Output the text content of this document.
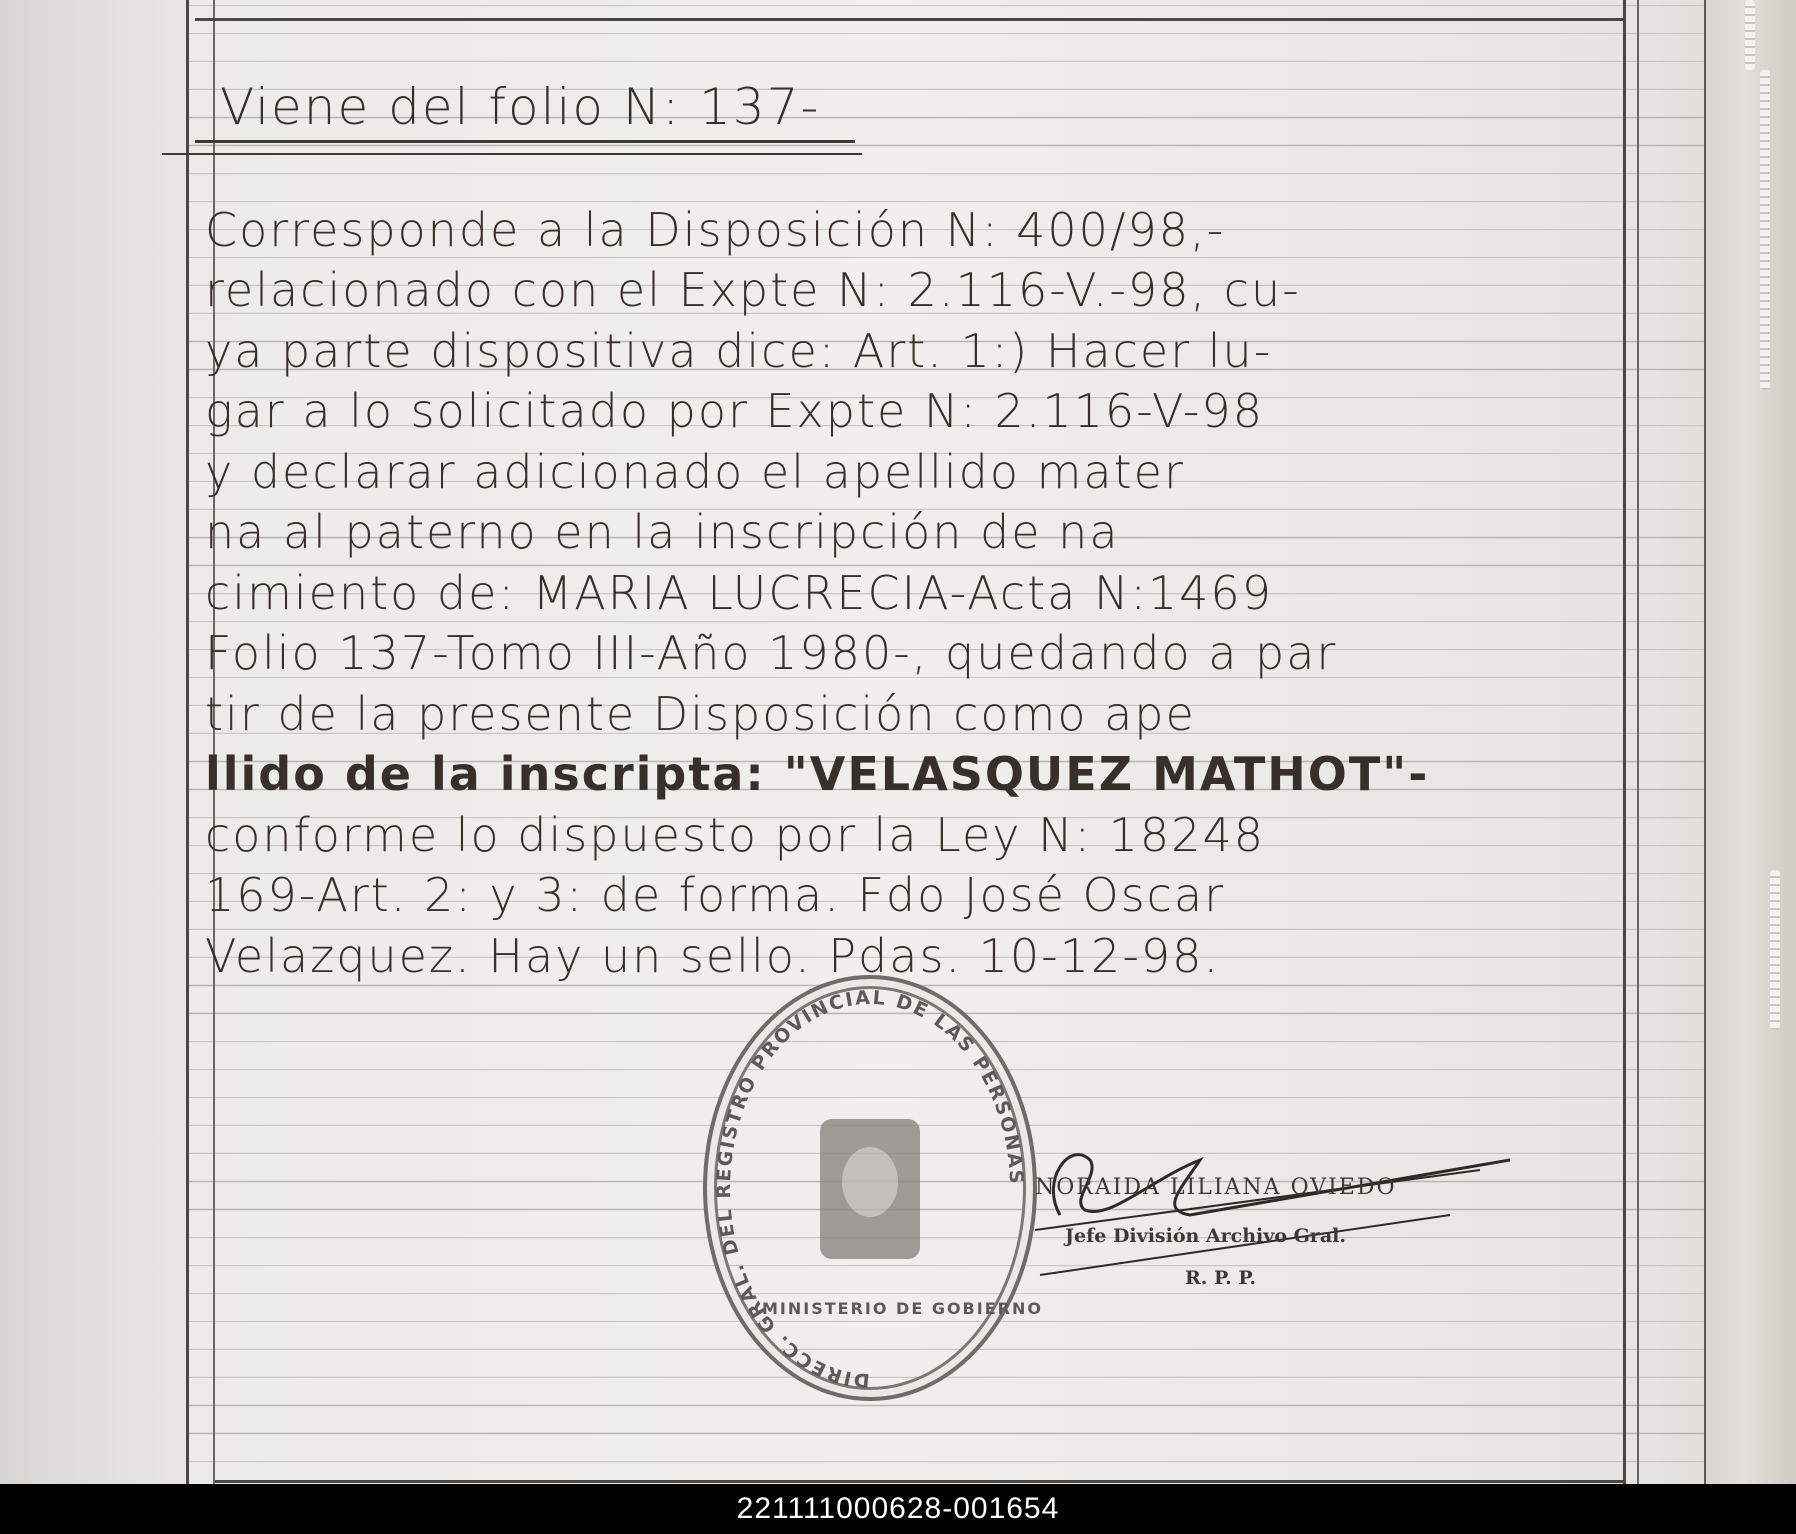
Viene del folio N: 137-
Corresponde a la Disposición N: 400/98,-
relacionado con el Expte N: 2.116-V.-98, cu-
ya parte dispositiva dice: Art. 1:) Hacer lu-
gar a lo solicitado por Expte N: 2.116-V-98
y declarar adicionado el apellido mater
na al paterno en la inscripción de na
cimiento de: MARIA LUCRECIA-Acta N:1469
Folio 137-Tomo III-Año 1980-, quedando a par
tir de la presente Disposición como ape
llido de la inscripta: "VELASQUEZ MATHOT"-
conforme lo dispuesto por la Ley N: 18248
169-Art. 2: y 3: de forma. Fdo José Oscar
Velazquez. Hay un sello. Pdas. 10-12-98.
DIRECC. GRAL. DEL REGISTRO PROVINCIAL DE LAS PERSONAS
MINISTERIO DE GOBIERNO
NORAIDA LILIANA OVIEDO
Jefe División Archivo Gral.
R. P. P.
221111000628-001654
